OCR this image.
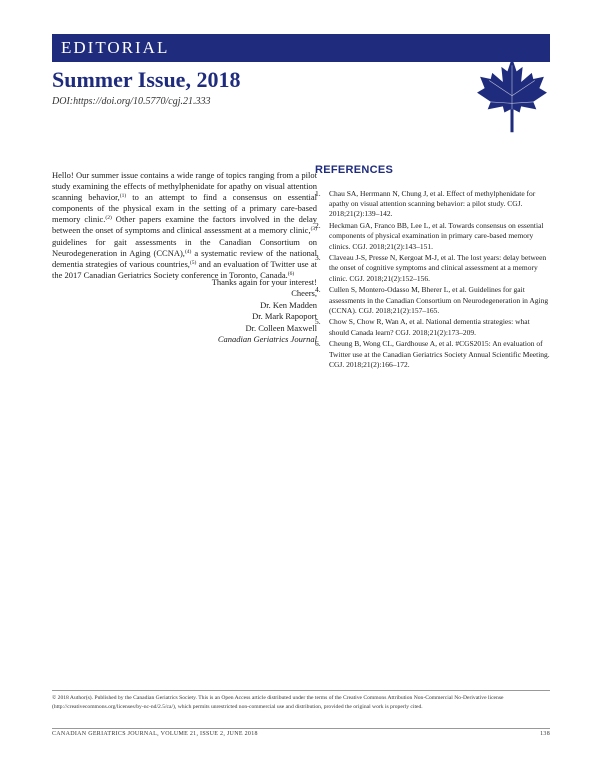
EDITORIAL
Summer Issue, 2018
DOI:https://doi.org/10.5770/cgj.21.333

Hello! Our summer issue contains a wide range of topics ranging from a pilot study examining the effects of methylphenidate for apathy on visual attention scanning behavior,$^{(1)}$ to an attempt to find a consensus on essential components of the physical exam in the setting of a primary care-based memory clinic.$^{(2)}$ Other papers examine the factors involved in the delay between the onset of symptoms and clinical assessment at a memory clinic,$^{(3)}$ guidelines for gait assessments in the Canadian Consortium on Neurodegeneration in Aging (CCNA),$^{(4)}$ a systematic review of the national dementia strategies of various countries,$^{(5)}$ and an evaluation of Twitter use at the 2017 Canadian Geriatrics Society conference in Toronto, Canada.$^{(6)}$

Thanks again for your interest!
Cheers,
Dr. Ken Madden
Dr. Mark Rapoport
Dr. Colleen Maxwell
Canadian Geriatrics Journal
REFERENCES
1. Chau SA, Herrmann N, Chung J, et al. Effect of methylphenidate for apathy on visual attention scanning behavior: a pilot study. CGJ. 2018;21(2):139–142.
2. Heckman GA, Franco BB, Lee L, et al. Towards consensus on essential components of physical examination in primary care-based memory clinics. CGJ. 2018;21(2):143–151.
3. Claveau J-S, Presse N, Kergoat M-J, et al. The lost years: delay between the onset of cognitive symptoms and clinical assessment at a memory clinic. CGJ. 2018;21(2):152–156.
4. Cullen S, Montero-Odasso M, Bherer L, et al. Guidelines for gait assessments in the Canadian Consortium on Neurodegeneration in Aging (CCNA). CGJ. 2018;21(2):157–165.
5. Chow S, Chow R, Wan A, et al. National dementia strategies: what should Canada learn? CGJ. 2018;21(2):173–209.
6. Cheung B, Wong CL, Gardhouse A, et al. #CGS2015: An evaluation of Twitter use at the Canadian Geriatrics Society Annual Scientific Meeting. CGJ. 2018;21(2):166–172.
© 2018 Author(s). Published by the Canadian Geriatrics Society. This is an Open Access article distributed under the terms of the Creative Commons Attribution Non-Commercial No-Derivative license (http://creativecommons.org/licenses/by-nc-nd/2.5/ca/), which permits unrestricted non-commercial use and distribution, provided the original work is properly cited.
CANADIAN GERIATRICS JOURNAL, VOLUME 21, ISSUE 2, JUNE 2018	138
